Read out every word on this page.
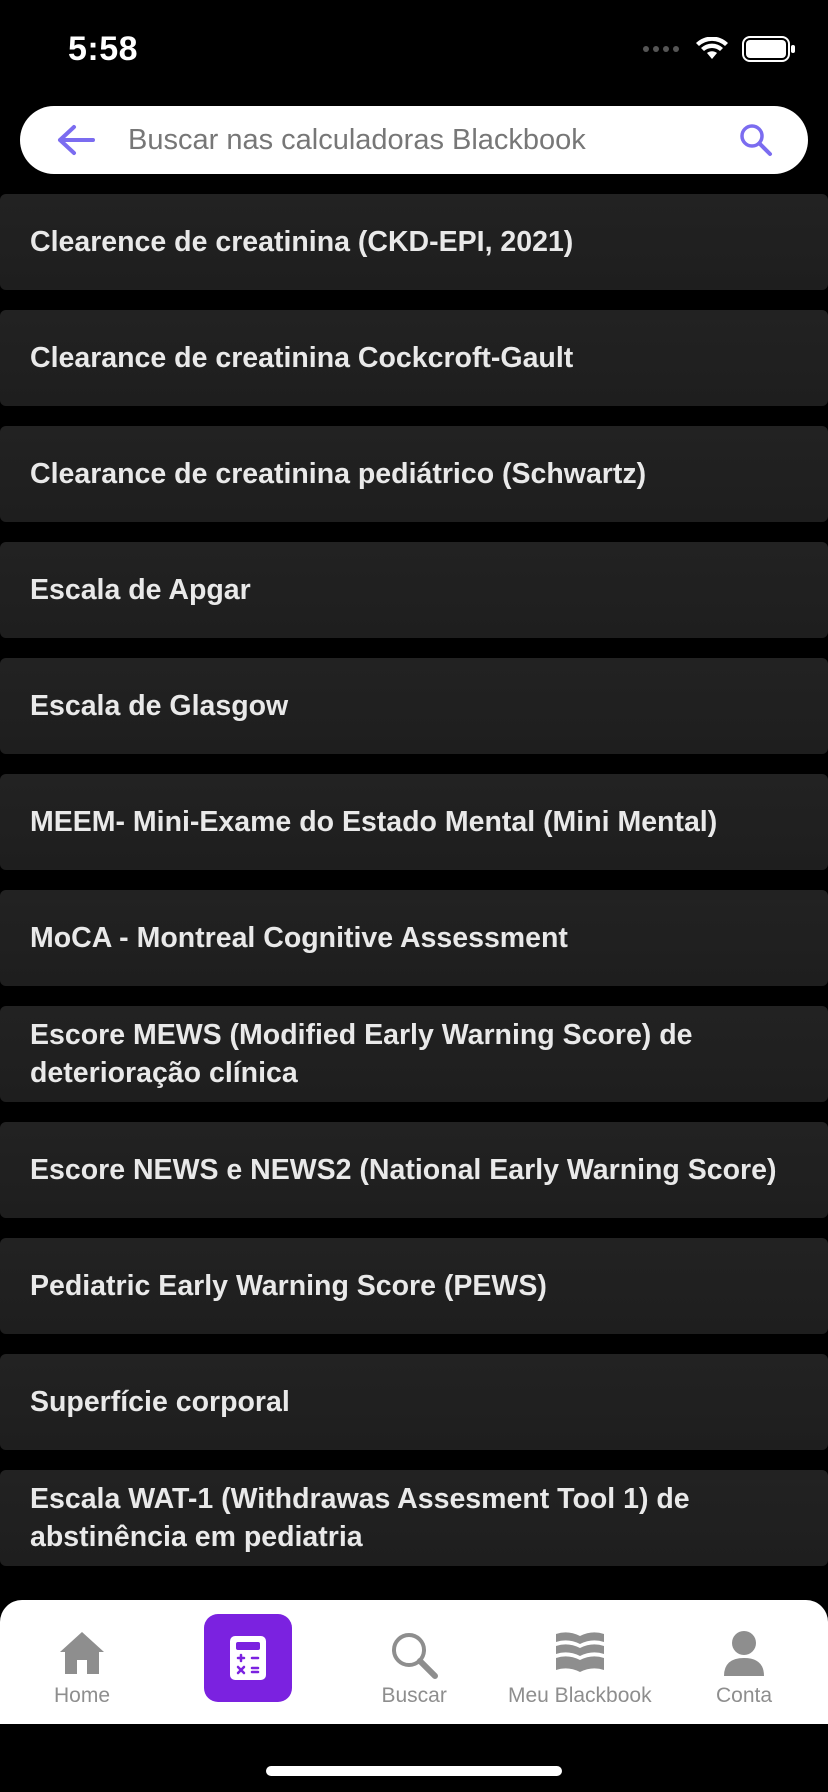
5:58
Buscar nas calculadoras Blackbook
Clearence de creatinina (CKD-EPI, 2021)
Clearance de creatinina Cockcroft-Gault
Clearance de creatinina pediátrico (Schwartz)
Escala de Apgar
Escala de Glasgow
MEEM- Mini-Exame do Estado Mental (Mini Mental)
MoCA - Montreal Cognitive Assessment
Escore MEWS (Modified Early Warning Score) de deterioração clínica
Escore NEWS e NEWS2 (National Early Warning Score)
Pediatric Early Warning Score (PEWS)
Superfície corporal
Escala WAT-1 (Withdrawas Assesment Tool 1) de abstinência em pediatria
Home	Buscar	Meu Blackbook	Conta
